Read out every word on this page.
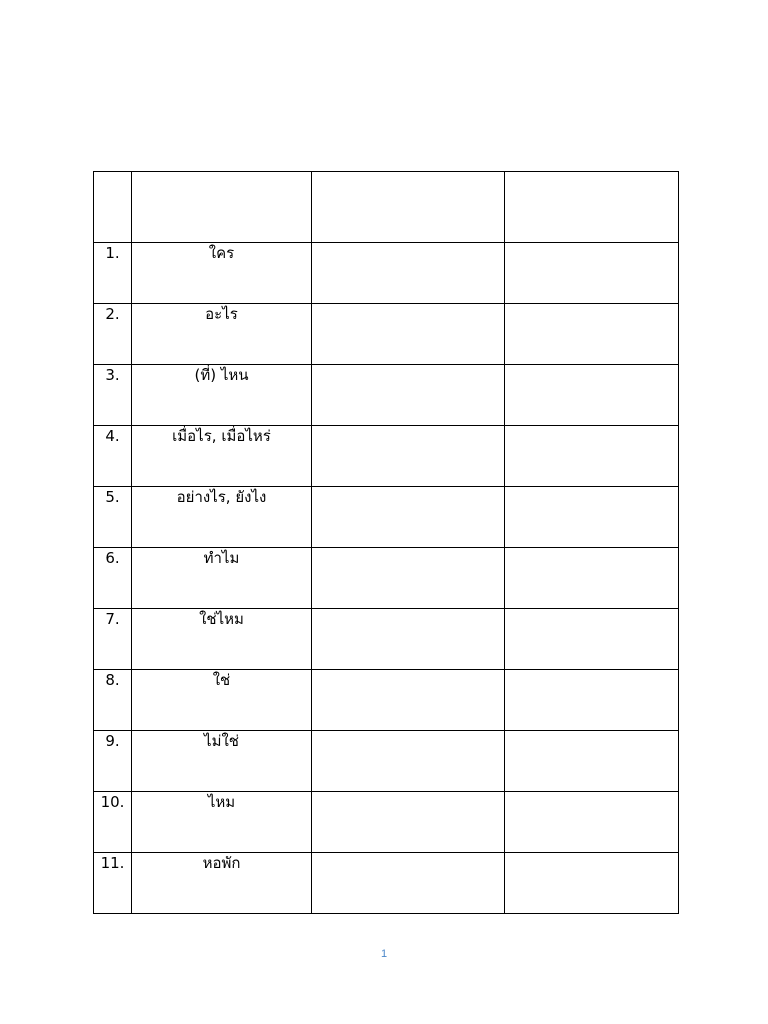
1.	ใคร		
2.	อะไร		
3.	(ที่) ไหน		
4.	เมื่อไร, เมื่อไหร่		
5.	อย่างไร, ยังไง		
6.	ทำไม		
7.	ใช่ไหม		
8.	ใช่		
9.	ไม่ใช่		
10.	ไหม		
11.	หอพัก		
1
